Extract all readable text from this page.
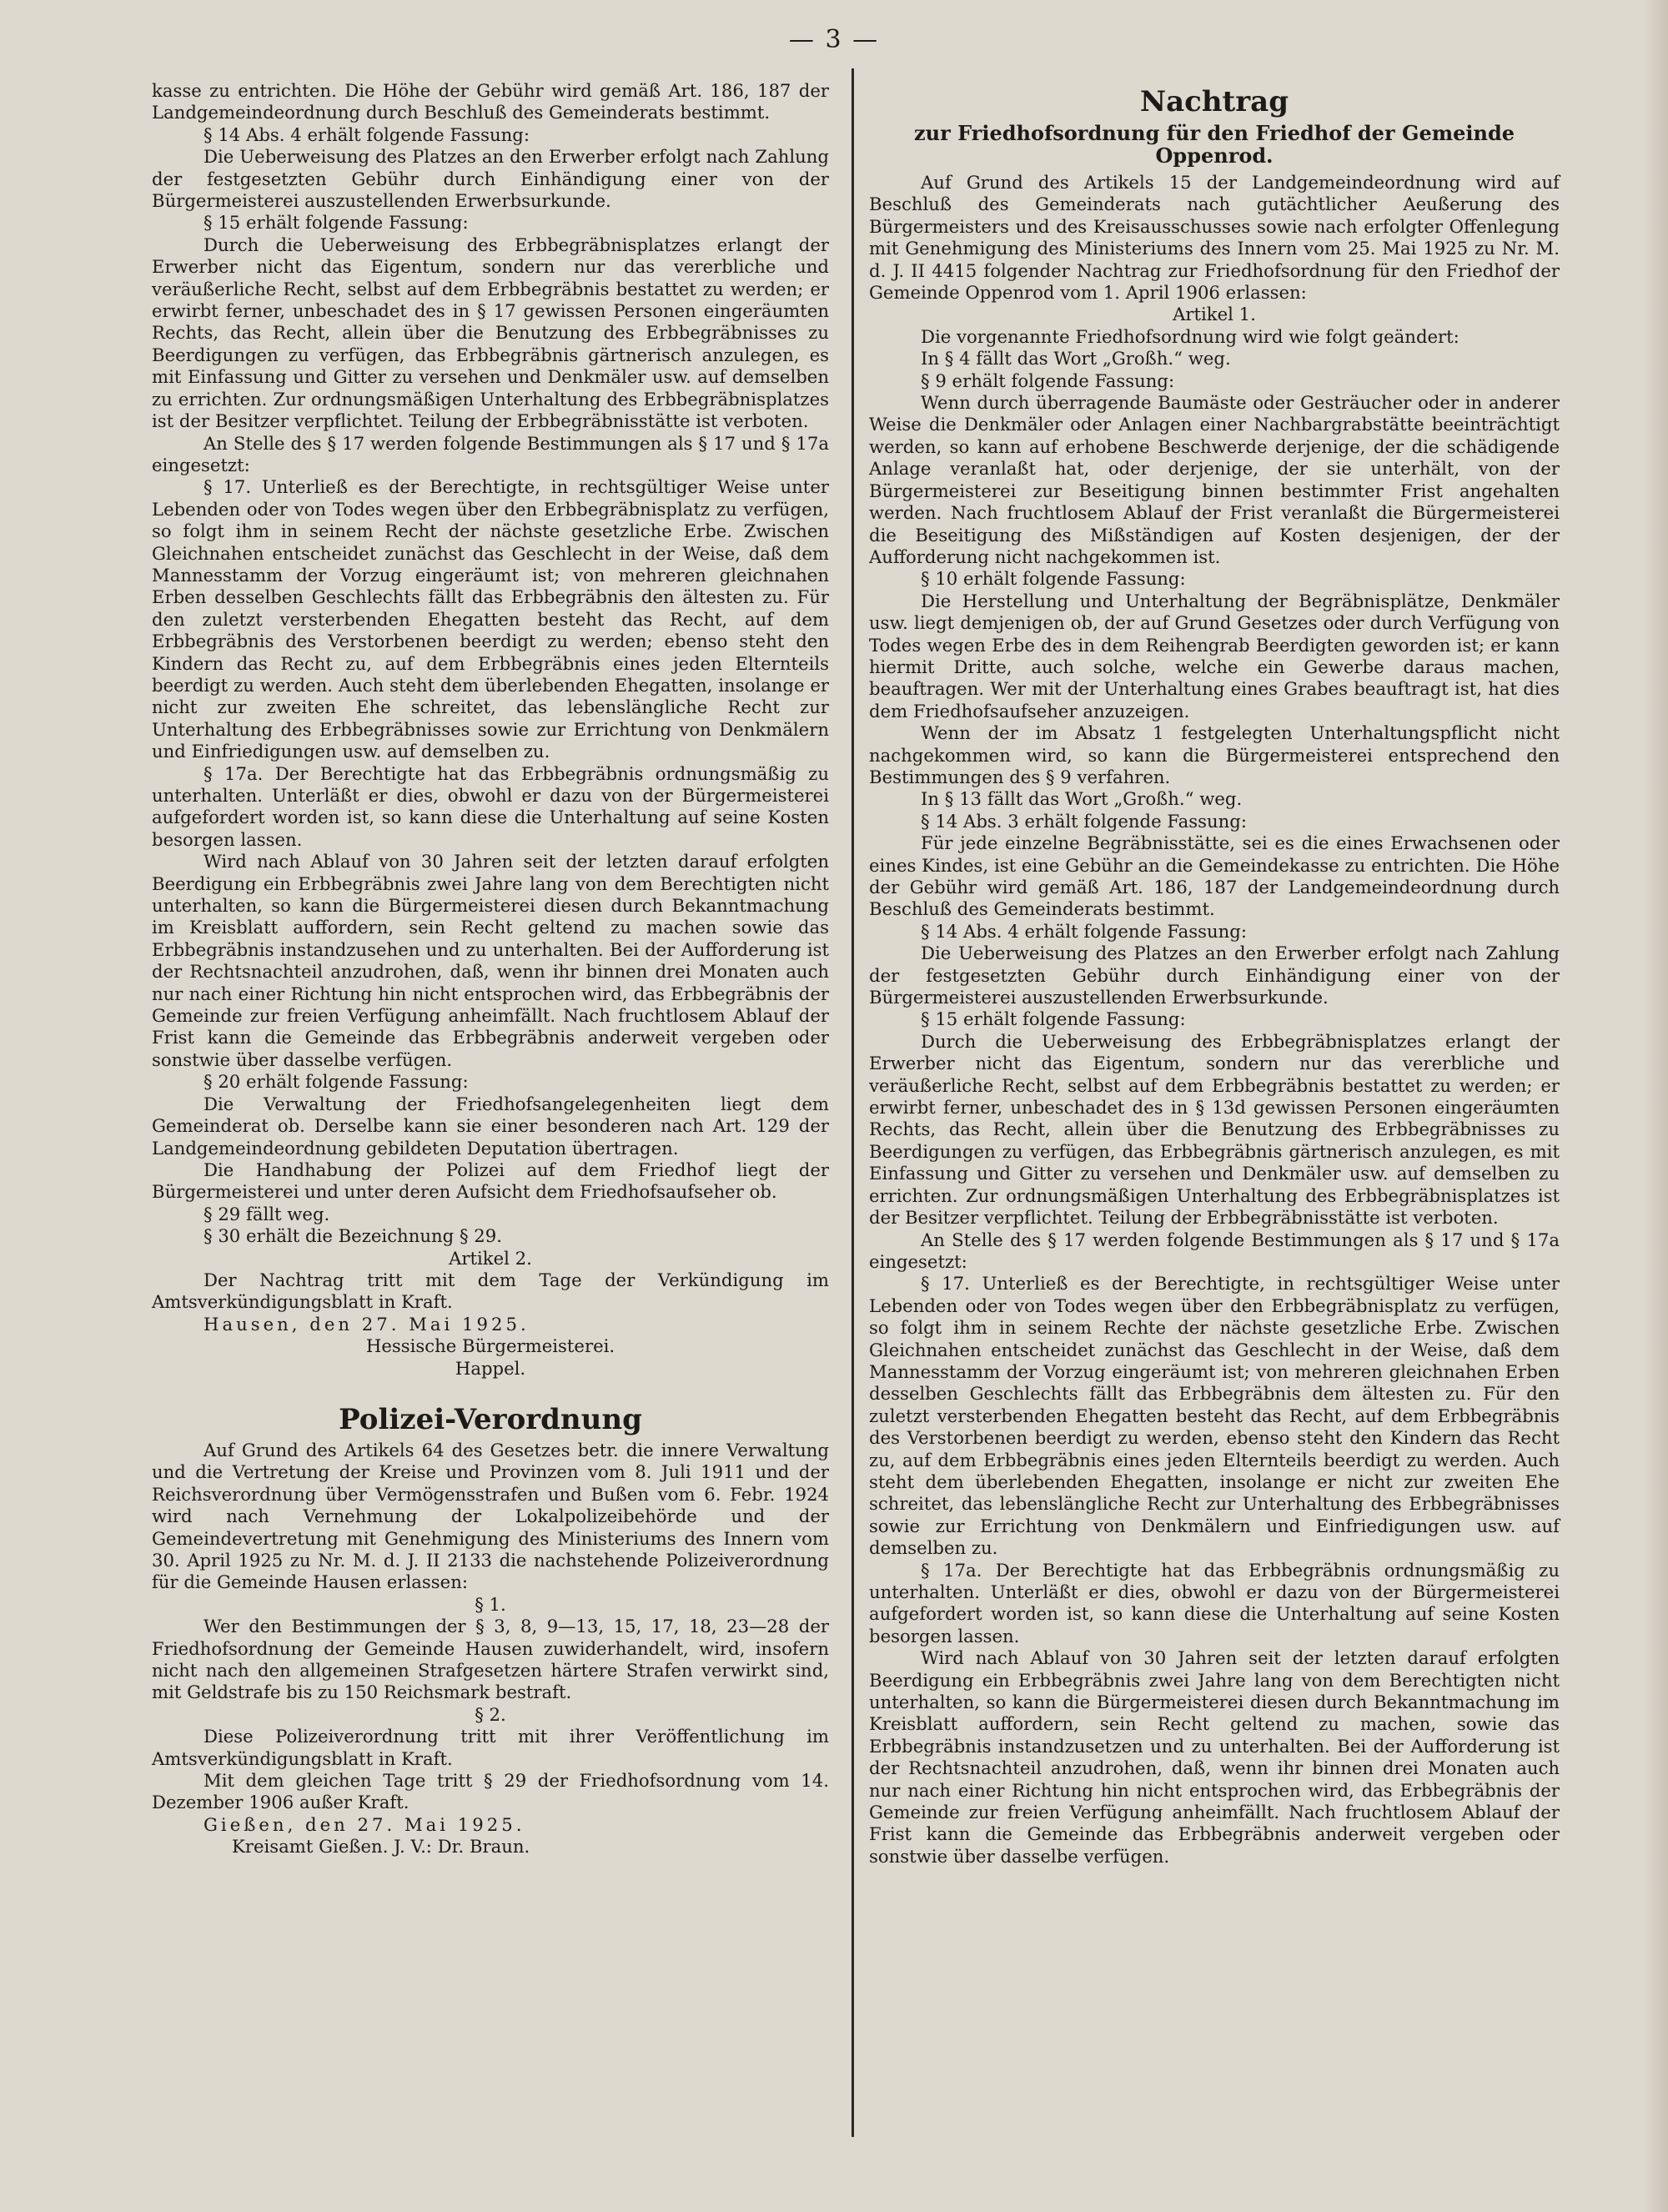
— 3 —

kasse zu entrichten. Die Höhe der Gebühr wird gemäß Art. 186, 187 der Landgemeindeordnung durch Beschluß des Gemeinderats bestimmt.

§ 14 Abs. 4 erhält folgende Fassung:

Die Ueberweisung des Platzes an den Erwerber erfolgt nach Zahlung der festgesetzten Gebühr durch Einhändigung einer von der Bürgermeisterei auszustellenden Erwerbsurkunde.

§ 15 erhält folgende Fassung:

Durch die Ueberweisung des Erbbegräbnisplatzes erlangt der Erwerber nicht das Eigentum, sondern nur das vererbliche und veräußerliche Recht, selbst auf dem Erbbegräbnis bestattet zu werden; er erwirbt ferner, unbeschadet des in § 17 gewissen Personen eingeräumten Rechts, das Recht, allein über die Benutzung des Erbbegräbnisses zu Beerdigungen zu verfügen, das Erbbegräbnis gärtnerisch anzulegen, es mit Einfassung und Gitter zu versehen und Denkmäler usw. auf demselben zu errichten. Zur ordnungsmäßigen Unterhaltung des Erbbegräbnisplatzes ist der Besitzer verpflichtet. Teilung der Erbbegräbnisstätte ist verboten.

An Stelle des § 17 werden folgende Bestimmungen als § 17 und § 17a eingesetzt:

§ 17. Unterließ es der Berechtigte, in rechtsgültiger Weise unter Lebenden oder von Todes wegen über den Erbbegräbnisplatz zu verfügen, so folgt ihm in seinem Recht der nächste gesetzliche Erbe. Zwischen Gleichnahen entscheidet zunächst das Geschlecht in der Weise, daß dem Mannesstamm der Vorzug eingeräumt ist; von mehreren gleichnahen Erben desselben Geschlechts fällt das Erbbegräbnis den ältesten zu. Für den zuletzt versterbenden Ehegatten besteht das Recht, auf dem Erbbegräbnis des Verstorbenen beerdigt zu werden; ebenso steht den Kindern das Recht zu, auf dem Erbbegräbnis eines jeden Elternteils beerdigt zu werden. Auch steht dem überlebenden Ehegatten, insolange er nicht zur zweiten Ehe schreitet, das lebenslängliche Recht zur Unterhaltung des Erbbegräbnisses sowie zur Errichtung von Denkmälern und Einfriedigungen usw. auf demselben zu.

§ 17a. Der Berechtigte hat das Erbbegräbnis ordnungsmäßig zu unterhalten. Unterläßt er dies, obwohl er dazu von der Bürgermeisterei aufgefordert worden ist, so kann diese die Unterhaltung auf seine Kosten besorgen lassen.

Wird nach Ablauf von 30 Jahren seit der letzten darauf erfolgten Beerdigung ein Erbbegräbnis zwei Jahre lang von dem Berechtigten nicht unterhalten, so kann die Bürgermeisterei diesen durch Bekanntmachung im Kreisblatt auffordern, sein Recht geltend zu machen sowie das Erbbegräbnis instandzusehen und zu unterhalten. Bei der Aufforderung ist der Rechtsnachteil anzudrohen, daß, wenn ihr binnen drei Monaten auch nur nach einer Richtung hin nicht entsprochen wird, das Erbbegräbnis der Gemeinde zur freien Verfügung anheimfällt. Nach fruchtlosem Ablauf der Frist kann die Gemeinde das Erbbegräbnis anderweit vergeben oder sonstwie über dasselbe verfügen.

§ 20 erhält folgende Fassung:

Die Verwaltung der Friedhofsangelegenheiten liegt dem Gemeinderat ob. Derselbe kann sie einer besonderen nach Art. 129 der Landgemeindeordnung gebildeten Deputation übertragen.

Die Handhabung der Polizei auf dem Friedhof liegt der Bürgermeisterei und unter deren Aufsicht dem Friedhofsaufseher ob.

§ 29 fällt weg.

§ 30 erhält die Bezeichnung § 29.

Artikel 2.

Der Nachtrag tritt mit dem Tage der Verkündigung im Amtsverkündigungsblatt in Kraft.

Hausen, den 27. Mai 1925.

Hessische Bürgermeisterei.

Happel.

Polizei-Verordnung

Auf Grund des Artikels 64 des Gesetzes betr. die innere Verwaltung und die Vertretung der Kreise und Provinzen vom 8. Juli 1911 und der Reichsverordnung über Vermögensstrafen und Bußen vom 6. Febr. 1924 wird nach Vernehmung der Lokalpolizeibehörde und der Gemeindevertretung mit Genehmigung des Ministeriums des Innern vom 30. April 1925 zu Nr. M. d. J. II 2133 die nachstehende Polizeiverordnung für die Gemeinde Hausen erlassen:

§ 1.

Wer den Bestimmungen der § 3, 8, 9—13, 15, 17, 18, 23—28 der Friedhofsordnung der Gemeinde Hausen zuwiderhandelt, wird, insofern nicht nach den allgemeinen Strafgesetzen härtere Strafen verwirkt sind, mit Geldstrafe bis zu 150 Reichsmark bestraft.

§ 2.

Diese Polizeiverordnung tritt mit ihrer Veröffentlichung im Amtsverkündigungsblatt in Kraft.

Mit dem gleichen Tage tritt § 29 der Friedhofsordnung vom 14. Dezember 1906 außer Kraft.

Gießen, den 27. Mai 1925.

Kreisamt Gießen. J. V.: Dr. Braun.

Nachtrag

zur Friedhofsordnung für den Friedhof der Gemeinde Oppenrod.

Auf Grund des Artikels 15 der Landgemeindeordnung wird auf Beschluß des Gemeinderats nach gutächtlicher Aeußerung des Bürgermeisters und des Kreisausschusses sowie nach erfolgter Offenlegung mit Genehmigung des Ministeriums des Innern vom 25. Mai 1925 zu Nr. M. d. J. II 4415 folgender Nachtrag zur Friedhofsordnung für den Friedhof der Gemeinde Oppenrod vom 1. April 1906 erlassen:

Artikel 1.

Die vorgenannte Friedhofsordnung wird wie folgt geändert:

In § 4 fällt das Wort „Großh.“ weg.

§ 9 erhält folgende Fassung:

Wenn durch überragende Baumäste oder Gesträucher oder in anderer Weise die Denkmäler oder Anlagen einer Nachbargrabstätte beeinträchtigt werden, so kann auf erhobene Beschwerde derjenige, der die schädigende Anlage veranlaßt hat, oder derjenige, der sie unterhält, von der Bürgermeisterei zur Beseitigung binnen bestimmter Frist angehalten werden. Nach fruchtlosem Ablauf der Frist veranlaßt die Bürgermeisterei die Beseitigung des Mißständigen auf Kosten desjenigen, der der Aufforderung nicht nachgekommen ist.

§ 10 erhält folgende Fassung:

Die Herstellung und Unterhaltung der Begräbnisplätze, Denkmäler usw. liegt demjenigen ob, der auf Grund Gesetzes oder durch Verfügung von Todes wegen Erbe des in dem Reihengrab Beerdigten geworden ist; er kann hiermit Dritte, auch solche, welche ein Gewerbe daraus machen, beauftragen. Wer mit der Unterhaltung eines Grabes beauftragt ist, hat dies dem Friedhofsaufseher anzuzeigen.

Wenn der im Absatz 1 festgelegten Unterhaltungspflicht nicht nachgekommen wird, so kann die Bürgermeisterei entsprechend den Bestimmungen des § 9 verfahren.

In § 13 fällt das Wort „Großh.“ weg.

§ 14 Abs. 3 erhält folgende Fassung:

Für jede einzelne Begräbnisstätte, sei es die eines Erwachsenen oder eines Kindes, ist eine Gebühr an die Gemeindekasse zu entrichten. Die Höhe der Gebühr wird gemäß Art. 186, 187 der Landgemeindeordnung durch Beschluß des Gemeinderats bestimmt.

§ 14 Abs. 4 erhält folgende Fassung:

Die Ueberweisung des Platzes an den Erwerber erfolgt nach Zahlung der festgesetzten Gebühr durch Einhändigung einer von der Bürgermeisterei auszustellenden Erwerbsurkunde.

§ 15 erhält folgende Fassung:

Durch die Ueberweisung des Erbbegräbnisplatzes erlangt der Erwerber nicht das Eigentum, sondern nur das vererbliche und veräußerliche Recht, selbst auf dem Erbbegräbnis bestattet zu werden; er erwirbt ferner, unbeschadet des in § 13d gewissen Personen eingeräumten Rechts, das Recht, allein über die Benutzung des Erbbegräbnisses zu Beerdigungen zu verfügen, das Erbbegräbnis gärtnerisch anzulegen, es mit Einfassung und Gitter zu versehen und Denkmäler usw. auf demselben zu errichten. Zur ordnungsmäßigen Unterhaltung des Erbbegräbnisplatzes ist der Besitzer verpflichtet. Teilung der Erbbegräbnisstätte ist verboten.

An Stelle des § 17 werden folgende Bestimmungen als § 17 und § 17a eingesetzt:

§ 17. Unterließ es der Berechtigte, in rechtsgültiger Weise unter Lebenden oder von Todes wegen über den Erbbegräbnisplatz zu verfügen, so folgt ihm in seinem Rechte der nächste gesetzliche Erbe. Zwischen Gleichnahen entscheidet zunächst das Geschlecht in der Weise, daß dem Mannesstamm der Vorzug eingeräumt ist; von mehreren gleichnahen Erben desselben Geschlechts fällt das Erbbegräbnis dem ältesten zu. Für den zuletzt versterbenden Ehegatten besteht das Recht, auf dem Erbbegräbnis des Verstorbenen beerdigt zu werden, ebenso steht den Kindern das Recht zu, auf dem Erbbegräbnis eines jeden Elternteils beerdigt zu werden. Auch steht dem überlebenden Ehegatten, insolange er nicht zur zweiten Ehe schreitet, das lebenslängliche Recht zur Unterhaltung des Erbbegräbnisses sowie zur Errichtung von Denkmälern und Einfriedigungen usw. auf demselben zu.

§ 17a. Der Berechtigte hat das Erbbegräbnis ordnungsmäßig zu unterhalten. Unterläßt er dies, obwohl er dazu von der Bürgermeisterei aufgefordert worden ist, so kann diese die Unterhaltung auf seine Kosten besorgen lassen.

Wird nach Ablauf von 30 Jahren seit der letzten darauf erfolgten Beerdigung ein Erbbegräbnis zwei Jahre lang von dem Berechtigten nicht unterhalten, so kann die Bürgermeisterei diesen durch Bekanntmachung im Kreisblatt auffordern, sein Recht geltend zu machen, sowie das Erbbegräbnis instandzusetzen und zu unterhalten. Bei der Aufforderung ist der Rechtsnachteil anzudrohen, daß, wenn ihr binnen drei Monaten auch nur nach einer Richtung hin nicht entsprochen wird, das Erbbegräbnis der Gemeinde zur freien Verfügung anheimfällt. Nach fruchtlosem Ablauf der Frist kann die Gemeinde das Erbbegräbnis anderweit vergeben oder sonstwie über dasselbe verfügen.
